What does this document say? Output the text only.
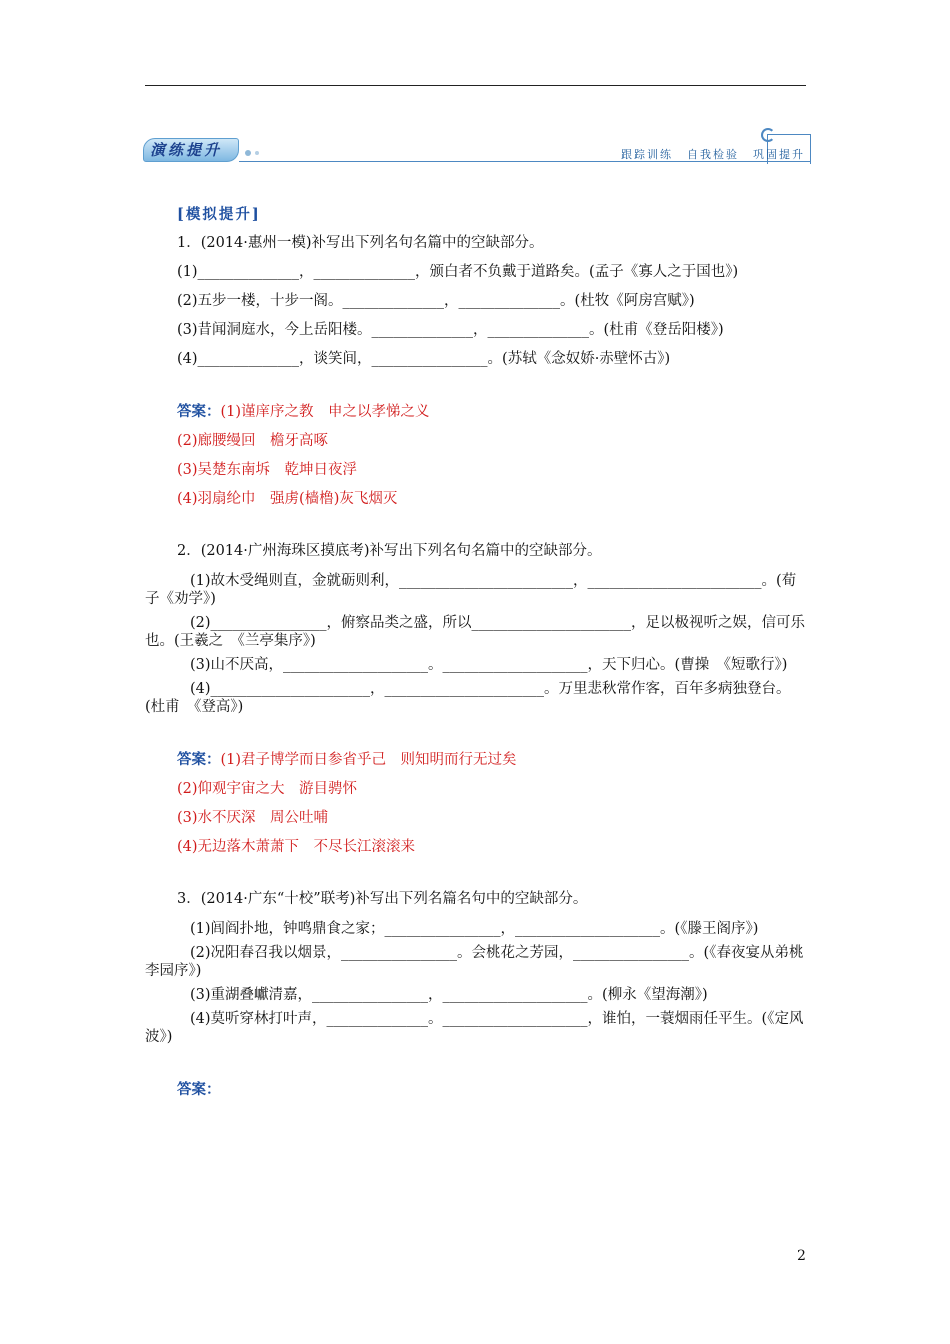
演练提升	跟踪训练 自我检验 巩固提升
[模拟提升]
1．(2014·惠州一模)补写出下列名句名篇中的空缺部分。
(1)______________，______________，颁白者不负戴于道路矣。(孟子《寡人之于国也》)
(2)五步一楼，十步一阁。______________，______________。(杜牧《阿房宫赋》)
(3)昔闻洞庭水，今上岳阳楼。______________，______________。(杜甫《登岳阳楼》)
(4)______________，谈笑间，________________。(苏轼《念奴娇·赤壁怀古》)
答案：(1)谨庠序之教　申之以孝悌之义
(2)廊腰缦回　檐牙高啄
(3)吴楚东南坼　乾坤日夜浮
(4)羽扇纶巾　强虏(樯橹)灰飞烟灭
2．(2014·广州海珠区摸底考)补写出下列名句名篇中的空缺部分。
(1)故木受绳则直，金就砺则利，________________________，________________________。(荀子《劝学》)
(2)________________，俯察品类之盛，所以______________________，足以极视听之娱，信可乐也。(王羲之　《兰亭集序》)
(3)山不厌高，____________________。____________________，天下归心。(曹操　《短歌行》)
(4)______________________，______________________。万里悲秋常作客，百年多病独登台。(杜甫　《登高》)
答案：(1)君子博学而日参省乎己　则知明而行无过矣
(2)仰观宇宙之大　游目骋怀
(3)水不厌深　周公吐哺
(4)无边落木萧萧下　不尽长江滚滚来
3．(2014·广东“十校”联考)补写出下列名篇名句中的空缺部分。
(1)闾阎扑地，钟鸣鼎食之家；________________，____________________。(《滕王阁序》)
(2)况阳春召我以烟景，________________。会桃花之芳园，________________。(《春夜宴从弟桃李园序》)
(3)重湖叠巘清嘉，________________，____________________。(柳永《望海潮》)
(4)莫听穿林打叶声，______________。____________________，谁怕，一蓑烟雨任平生。(《定风波》)
答案：
2
